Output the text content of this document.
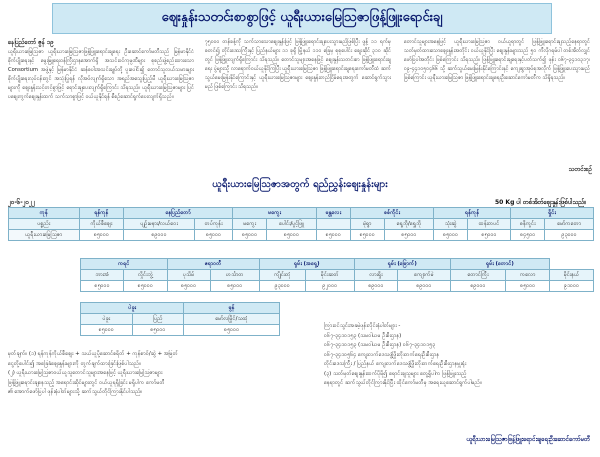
ဈေးနှုန်းသတင်းစာစွာဖြင့် ယူရီးယားမြေဩဇာဖြန့်ဖြူးရောင်းချ
နေပြည်တော် ဇွန် ၁၉
ယူရီးယားမြေဩဇာ ယူရီးယားမြေဩဇာဖြန့်ဖြူးရောင်းချရေး ဦးဆောင်ကော်မတီသည် မြန်မာနိုင်ငံ စိုက်ပျိုးရေးနှင့် မွေးမြူရေးဝန်ကြီးဌာနအောက်ရှိ အသင်းဝင်ကုမ္ပဏီများ စုစည်းဖွဲ့စည်းထားသော Consortium အဖွဲ့နှင့် မြန်မာနိုင်ငံ ဆန်စပါးအသင်းချုပ်တို့ ပူးပေါင်း၍ တောင်သူလယ်သမားများ စိုက်ပျိုးရေးလုပ်ငန်းတွင် အသုံးပြုရန် လိုအပ်လျက်ရှိသော အရည်အသွေးပြည့်မီ ယူရီးယားမြေဩဇာများကို ဈေးနှုန်းသင့်တင့်စွာဖြင့် ရောင်းချပေးလျက်ရှိကြောင်း သိရသည်။ ယူရီးယားမြေဩဇာများ ပြင်ပဈေးကွက်ဈေးနှုန်းထက် သက်သာစွာဖြင့် ဝယ်ယူနိုင်ရန် စီစဉ်ဆောင်ရွက်ပေးလျက်ရှိသည်။
၇၅၀၀၀ တန်ခန့်ကို သက်သာသောဈေးနှုန်းဖြင့် ဖြန့်ဖြူးရောင်းချပေးသွားမည်ဖြစ်ပြီး ဖွန့် ၁၁ ရက်မှစတင်၍ တိုင်းဒေသကြီးနှင့် ပြည်နယ်များ ၁၁ ခုရှိ မြို့နယ် ၁၁၀ ခြေမှ စုစုပေါင်း စျေးဆိုင် ၃၁၀ ဆိုင်တွင် ဖြန့်ဖြူးလျက်ရှိကြောင်း သိရသည်။ တောင်သူများအနေဖြင့် ဈေးနှုန်းသတင်းစာ ဖြန့်ဖြူးရောင်းချရေး ပွဲများသို့ လာရောက်ဝယ်ယူနိုင်ကြပြီး ယူရီးယားမြေဩဇာ ဖြန့်ဖြူးရောင်းချရေးကော်မတီထံ ဆက်သွယ်မေးမြန်းနိုင်ကြောင်းနှင့် ယူရီးယားမြေဩဇာများ ဈေးနှုန်းတည်ငြိမ်ရေးအတွက် ဆောင်ရွက်သွားမည် ဖြစ်ကြောင်း သိရသည်။
တောင်သူများအနေဖြင့် ယူရီးယားမြေဩဇာ ဝယ်ယူရာတွင် ဖြန့်ဖြူးရောင်းချသည့်နေရာတွင် သတ်မှတ်ထားသောဈေးနှုန်းအတိုင်း ဝယ်ယူနိုင်ပြီး ဈေးနှုန်းများသည် ၅၀ ကီလိုဂရမ်ပါ တစ်အိတ်လျှင် ဖော်ပြပါအတိုင်း ဖြစ်ကြောင်း သိရသည်။ ဖြန့်ဖြူးရောင်းချရေးနှင့်ပတ်သက်၍ ဖုန်း ၀၆၇-၃၄၁၀၃၁၇၊ ၀၉-၄၄၁၀၅၀၄၆၆ သို့ ဆက်သွယ်မေးမြန်းနိုင်ကြောင်းနှင့် ကျေးရွာအုပ်စုအလိုက် ဖြန့်ဖြူးပေးသွားမည်ဖြစ်ကြောင်း ယူရီးယားမြေဩဇာ ဖြန့်ဖြူးရောင်းချရေးဦးဆောင်ကော်မတီက သိရှိရသည်။
သတင်းစဉ်
ယူရီးယားမြေဩဇာအတွက် ရည်ညွှန်းဈေးနှုန်းများ
၂၀-၆-၂၀၂၂	50 Kg ပါ တစ်အိတ်ဈေးနှုန်းဖြစ်ပါသည်။
ကုန်	ရန်ကုန်	နေပြည်တော်		မကွေး		မန္တလေး	စစ်ကိုင်း		ရန်ကုန်		ရှိုင်း	
ပစ္စည်း	ကိုယ်စီဈေး	ပျဉ်းမနား/လယ်ဝေး	တပ်ကုန်း	မကွေး	ပေါင်း/ပွင့်ဖြူ		မုံရွာ	ရွေဘို/ရွှေဘို	သုံးဆွဲ	ထန်းတပင်	ဓနိကွင်း	မော်ကတော
ယူရီးယားမြေဩဇာ	၈၅၀၀၀	၈၉၀၀၀	၈၅၀၀၀	၈၅၀၀၀	၈၅၀၀၀	၈၅၀၀၀	၈၅၀၀၀	၈၅၀၀၀	၈၅၀၀၀	၈၅၀၀၀	၈၄၅၀၀	၉၃၀၀၀
ကရင်		ဧရာဝတီ		ရှမ်း (အရှေ့)		ရှမ်း (မြောက်)		ရှမ်း (တောင်)		
ဘားအံ	လှိုင်းဘွဲ့	ပုသိမ်	ဟင်္သာတ	ကျိုင်းတုံ	မိုင်းဆတ်	လားရှိုး	ကျောက်မဲ	တောင်ကြီး	ကလော	မိုင်းနယ်
၈၅၀၀၀	၈၅၀၀၀	၈၅၀၀၀	၈၅၀၀၀	၉၃၀၀၀	၉၂၀၀၀	၈၉၀၀၀	၈၉၀၀၀	၈၉၀၀၀	၈၅၀၀၀	၉၁၀၀၀
ပဲခူး		မွန်
ပဲခူး	ပြည်	မော်လမြိုင်/သထုံ
၈၅၀၀၀	၈၅၀၀၀	၈၅၀၀၀
မှတ်ချက်။ (၁) ရန်ကုန်ကိုယ်စီဈေး + သယ်ယူပို့ဆောင်စရိတ် + ကုန်စာဝ်/ဆွဲ + အမြတ်
ငွေတို့ပေါင်း၍ အခြေခံဈေးနှုန်းများကို တွက်ချက်ထားခြင်းဖြစ်ပါသည်။
(၂) ယူရီးယားမြေဩဇာဝယ်ယူသူတောင်သူများအနေဖြင့် ယူရီးယားမြေဩဇာများ
ဖြန့်ဖြူးရောင်းချနေသည့် အရောင်းဆိုင်များတွင် ဝယ်ယူရရှိခြင်း မရှိပါက ကော်မတီ
၏ အောက်ဖော်ပြပါ ဖုန်းနံပါတ်များသို့ ဆက်သွယ်တိုင်ကြားနိုင်ပါသည်။
ကြားဝင်သွင်းအခမဲ့ဖုန်းလိုင်းနံပါတ်များ -
၀၆၇-၃၄၁၀၁၅၃ (သမဝါယမ ဦးစီးဌာန)
၀၆၇-၃၄၁၀၁၅၃ (သမဝါယမ ဦးစီးဌာန) ၀၆၇-၃၄၁၀၁၅၃
၀၆၇-၃၄၁၀၅၆၄ ကျေးလက်ဒေသဖွံ့ဖြိုးတိုးတက်ရေးဦးစီးဌာန
တိုင်းဒေသကြီး / ပြည်နယ် ကျေးလက်ဒေသဖွံ့ဖြိုးတိုးတက်ရေးဦးစီးဌာနမှူးရုံး
(၃) သတ်မှတ်ဈေးနှုန်းထက်ပိုမို၍ ရောင်းချသူများ တွေ့ရှိပါက ဖြန့်ဖြူးသည့်
နေရာတွင် ဆက်သွယ်တိုင်ကြားနိုင်ပြီး ထိုင်ကော်မတီမှ အရေးယူဆောင်ရွက်ပါမည်။
ယူရီးယားမြေဩဇာဖြန့်ဖြူးရောင်းချရေးဦးဆောင်ကော်မတီ
